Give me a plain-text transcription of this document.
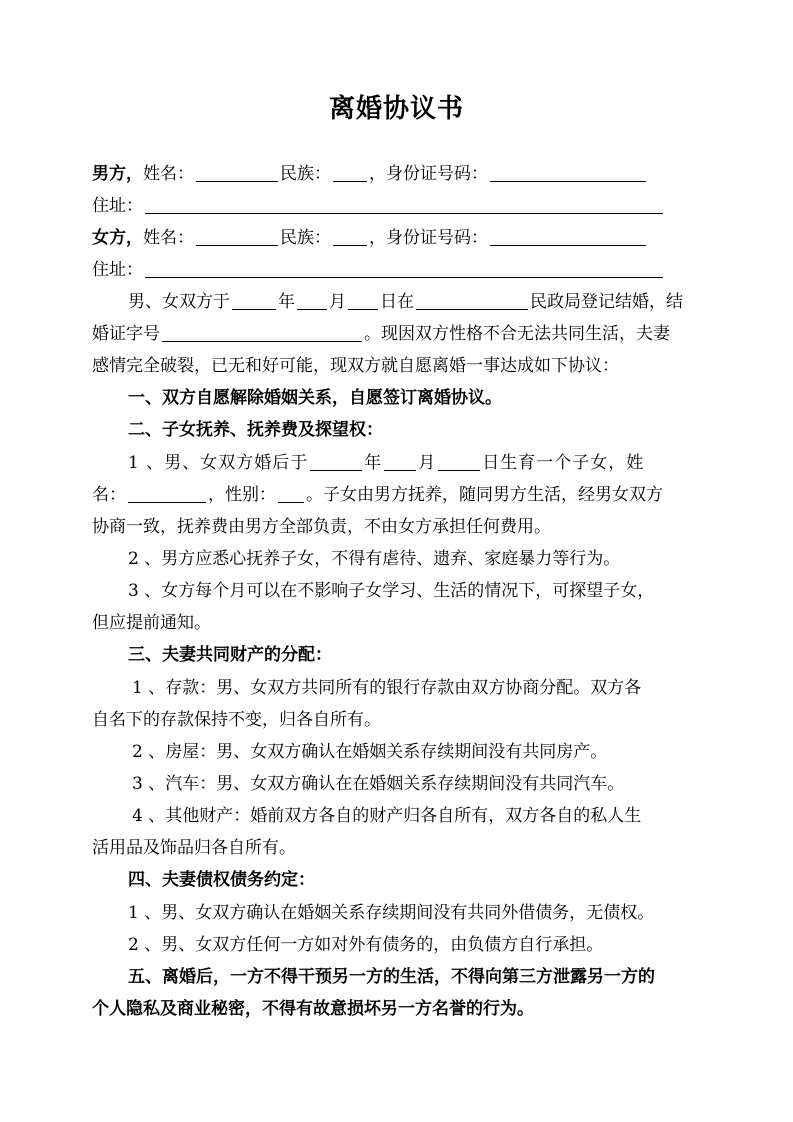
离婚协议书
男方，姓名：	民族： ，身份证号码：
住址：
女方，姓名：	民族： ，身份证号码：
住址：
男、女双方于	年 月 日在	民政局登记结婚，结
婚证字号	。现因双方性格不合无法共同生活，夫妻
感情完全破裂，已无和好可能，现双方就自愿离婚一事达成如下协议：
一、双方自愿解除婚姻关系，自愿签订离婚协议。
二、子女抚养、抚养费及探望权：
1 、男、女双方婚后于	年 月	日生育一个子女，姓
名：	，性别： 。子女由男方抚养，随同男方生活，经男女双方
协商一致，抚养费由男方全部负责，不由女方承担任何费用。
2 、男方应悉心抚养子女，不得有虐待、遗弃、家庭暴力等行为。
3 、女方每个月可以在不影响子女学习、生活的情况下，可探望子女，
但应提前通知。
三、夫妻共同财产的分配：
1 、存款：男、女双方共同所有的银行存款由双方协商分配。双方各
自名下的存款保持不变，归各自所有。
2 、房屋：男、女双方确认在婚姻关系存续期间没有共同房产。
3 、汽车：男、女双方确认在在婚姻关系存续期间没有共同汽车。
4 、其他财产：婚前双方各自的财产归各自所有，双方各自的私人生
活用品及饰品归各自所有。
四、夫妻债权债务约定：
1 、男、女双方确认在婚姻关系存续期间没有共同外借债务，无债权。
2 、男、女双方任何一方如对外有债务的，由负债方自行承担。
五、离婚后，一方不得干预另一方的生活，不得向第三方泄露另一方的
个人隐私及商业秘密，不得有故意损坏另一方名誉的行为。
